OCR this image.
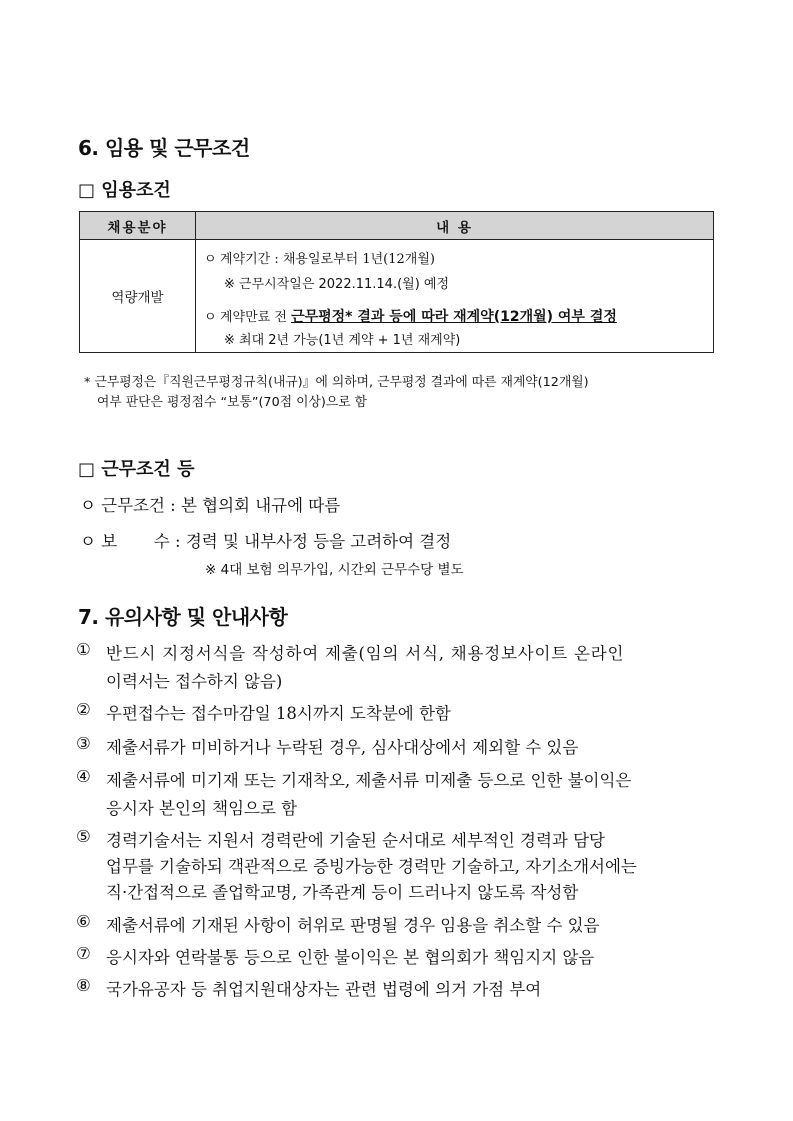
6. 임용 및 근무조건
□ 임용조건
채용분야	내 용
역량개발	ㅇ 계약기간 : 채용일로부터 1년(12개월)
※ 근무시작일은 2022.11.14.(월) 예정
ㅇ 계약만료 전 근무평정* 결과 등에 따라 재계약(12개월) 여부 결정
※ 최대 2년 가능(1년 계약 + 1년 재계약)
* 근무평정은『직원근무평정규칙(내규)』에 의하며, 근무평정 결과에 따른 재계약(12개월)
여부 판단은 평정점수 “보통”(70점 이상)으로 함
□ 근무조건 등
ㅇ 근무조건 : 본 협의회 내규에 따름
ㅇ 보       수 : 경력 및 내부사정 등을 고려하여 결정
※ 4대 보험 의무가입, 시간외 근무수당 별도
7. 유의사항 및 안내사항
① 반드시 지정서식을 작성하여 제출(임의 서식, 채용정보사이트 온라인
이력서는 접수하지 않음)
② 우편접수는 접수마감일 18시까지 도착분에 한함
③ 제출서류가 미비하거나 누락된 경우, 심사대상에서 제외할 수 있음
④ 제출서류에 미기재 또는 기재착오, 제출서류 미제출 등으로 인한 불이익은
응시자 본인의 책임으로 함
⑤ 경력기술서는 지원서 경력란에 기술된 순서대로 세부적인 경력과 담당
업무를 기술하되 객관적으로 증빙가능한 경력만 기술하고, 자기소개서에는
직·간접적으로 졸업학교명, 가족관계 등이 드러나지 않도록 작성함
⑥ 제출서류에 기재된 사항이 허위로 판명될 경우 임용을 취소할 수 있음
⑦ 응시자와 연락불통 등으로 인한 불이익은 본 협의회가 책임지지 않음
⑧ 국가유공자 등 취업지원대상자는 관련 법령에 의거 가점 부여
